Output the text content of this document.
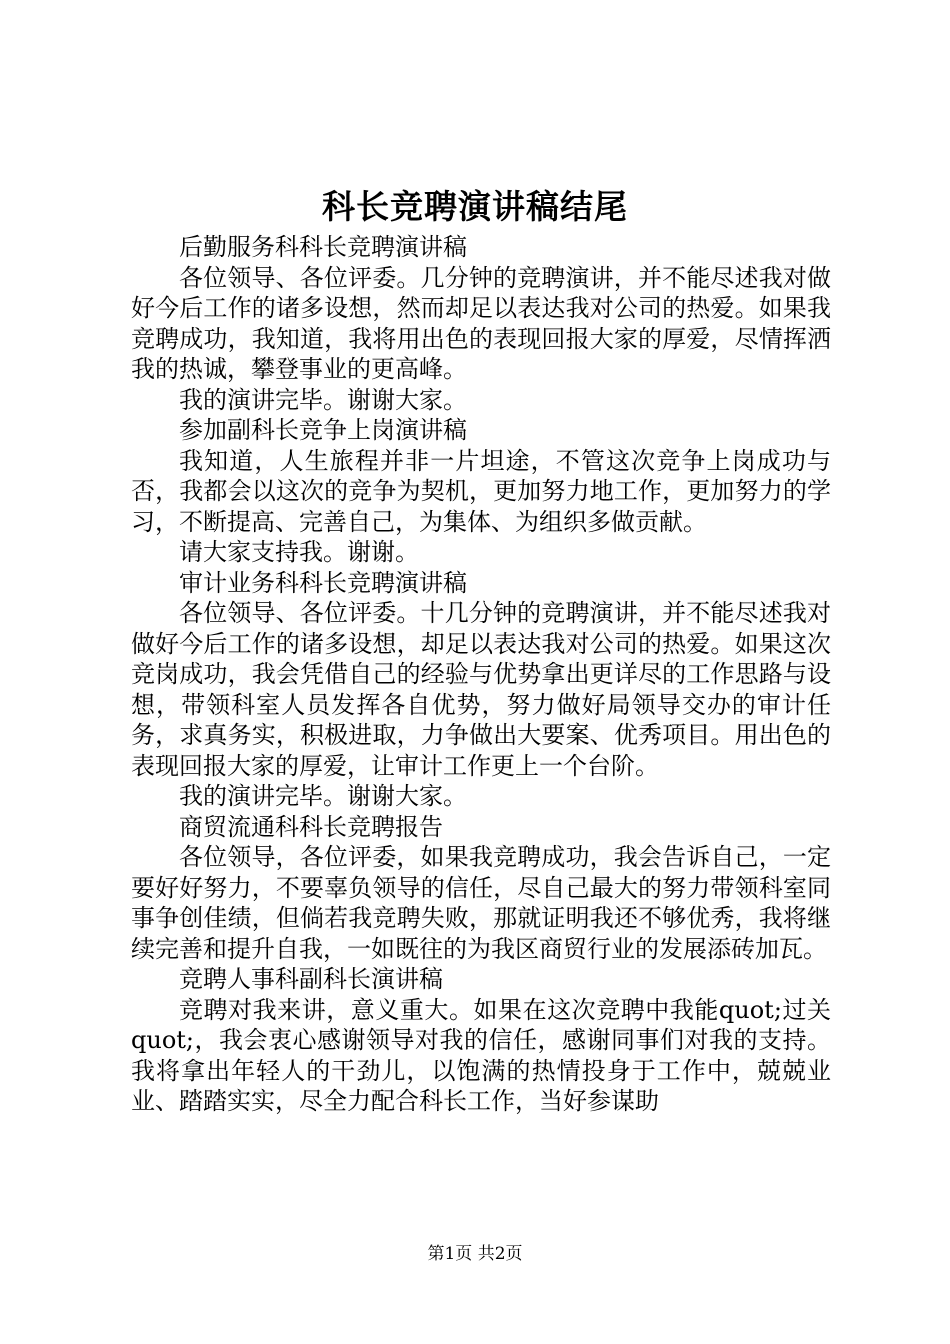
科长竞聘演讲稿结尾

后勤服务科科长竞聘演讲稿

各位领导、各位评委。几分钟的竞聘演讲，并不能尽述我对做好今后工作的诸多设想，然而却足以表达我对公司的热爱。如果我竞聘成功，我知道，我将用出色的表现回报大家的厚爱，尽情挥洒我的热诚，攀登事业的更高峰。

我的演讲完毕。谢谢大家。

参加副科长竞争上岗演讲稿

我知道，人生旅程并非一片坦途，不管这次竞争上岗成功与否，我都会以这次的竞争为契机，更加努力地工作，更加努力的学习，不断提高、完善自己，为集体、为组织多做贡献。

请大家支持我。谢谢。

审计业务科科长竞聘演讲稿

各位领导、各位评委。十几分钟的竞聘演讲，并不能尽述我对做好今后工作的诸多设想，却足以表达我对公司的热爱。如果这次竞岗成功，我会凭借自己的经验与优势拿出更详尽的工作思路与设想，带领科室人员发挥各自优势，努力做好局领导交办的审计任务，求真务实，积极进取，力争做出大要案、优秀项目。用出色的表现回报大家的厚爱，让审计工作更上一个台阶。

我的演讲完毕。谢谢大家。

商贸流通科科长竞聘报告

各位领导，各位评委，如果我竞聘成功，我会告诉自己，一定要好好努力，不要辜负领导的信任，尽自己最大的努力带领科室同事争创佳绩，但倘若我竞聘失败，那就证明我还不够优秀，我将继续完善和提升自我，一如既往的为我区商贸行业的发展添砖加瓦。

竞聘人事科副科长演讲稿

竞聘对我来讲，意义重大。如果在这次竞聘中我能quot;过关quot;，我会衷心感谢领导对我的信任，感谢同事们对我的支持。我将拿出年轻人的干劲儿，以饱满的热情投身于工作中，兢兢业业、踏踏实实，尽全力配合科长工作，当好参谋助

第1页 共2页
